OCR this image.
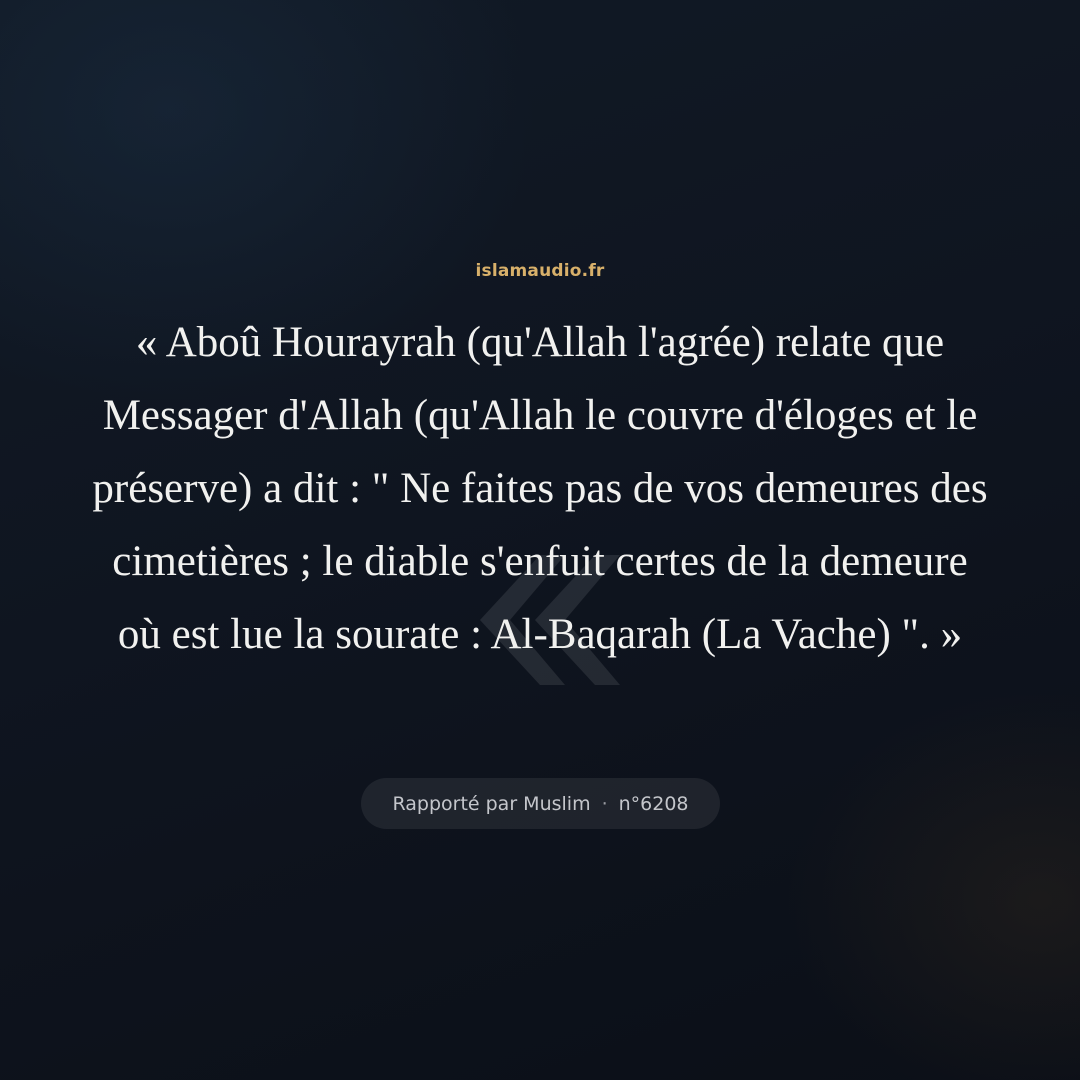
islamaudio.fr

« Aboû Hourayrah (qu'Allah l'agrée) relate que Messager d'Allah (qu'Allah le couvre d'éloges et le préserve) a dit : " Ne faites pas de vos demeures des cimetières ; le diable s'enfuit certes de la demeure où est lue la sourate : Al-Baqarah (La Vache) ". »

Rapporté par Muslim · n°6208
